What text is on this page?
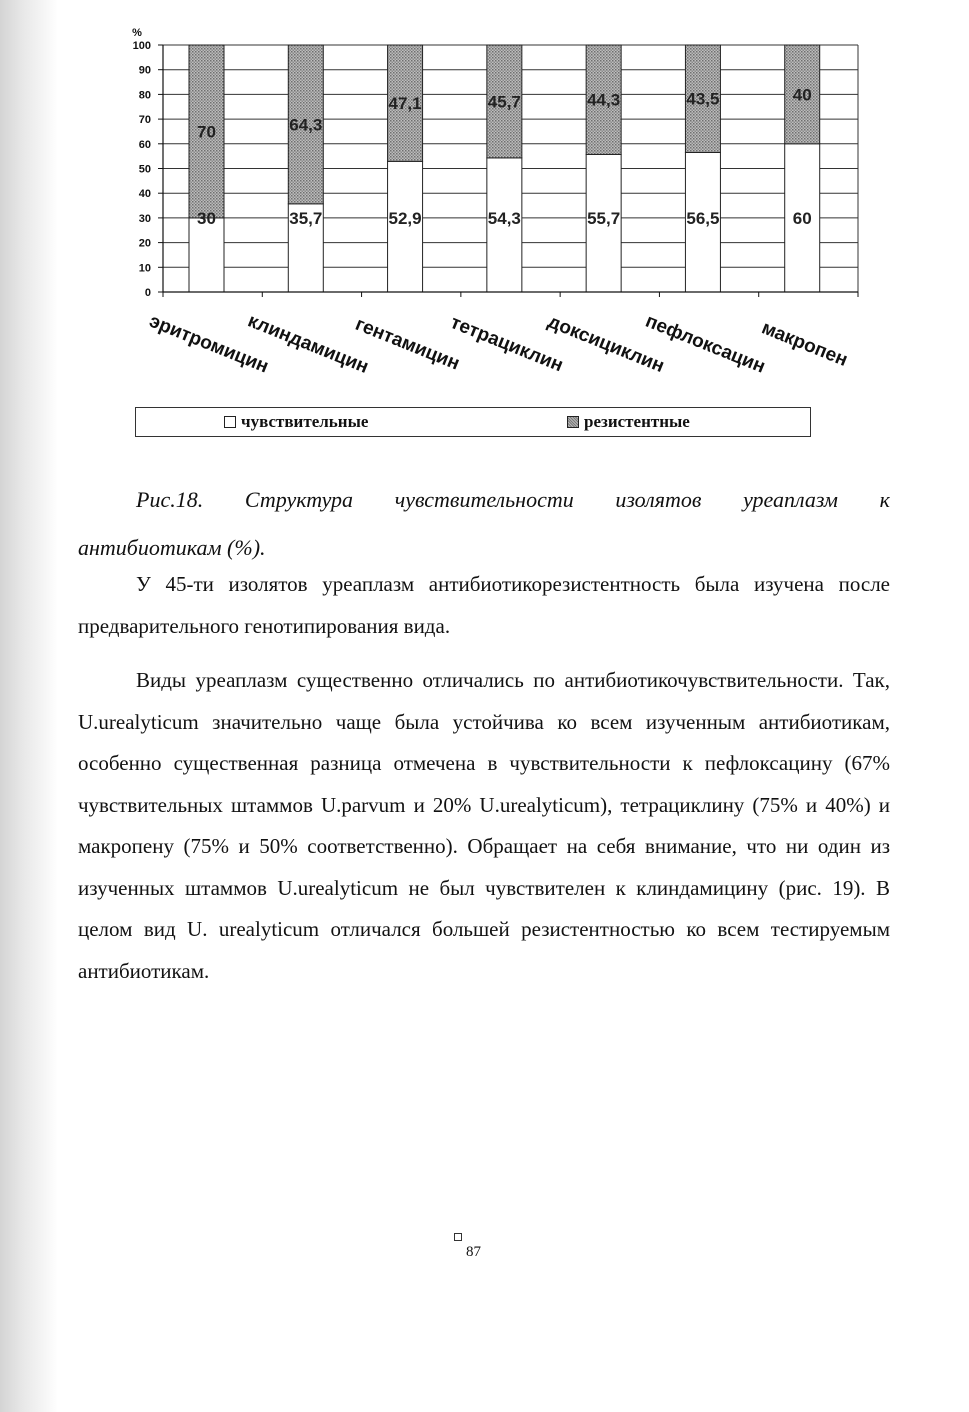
0
10
20
30
40
50
60
70
80
90
100
30
70
35,7
64,3
52,9
47,1
54,3
45,7
55,7
44,3
56,5
43,5
60
40
эритромицин
клиндамицин
гентамицин
тетрациклин
доксициклин
пефлоксацин
макропен
%
чувствительные	резистентные
Рис.18. Структура чувствительности изолятов уреаплазм к
антибиотикам (%).
У 45-ти изолятов уреаплазм антибиотикорезистентность была изучена после предварительного генотипирования вида.
Виды уреаплазм существенно отличались по антибиотикочувствительности. Так, U.urealyticum значительно чаще была устойчива ко всем изученным антибиотикам, особенно существенная разница отмечена в чувствительности к пефлоксацину (67% чувствительных штаммов U.parvum и 20% U.urealyticum), тетрациклину (75% и 40%) и макропену (75% и 50% соответственно). Обращает на себя внимание, что ни один из изученных штаммов U.urealyticum не был чувствителен к клиндамицину (рис. 19). В целом вид U. urealyticum отличался большей резистентностью ко всем тестируемым антибиотикам.
87
